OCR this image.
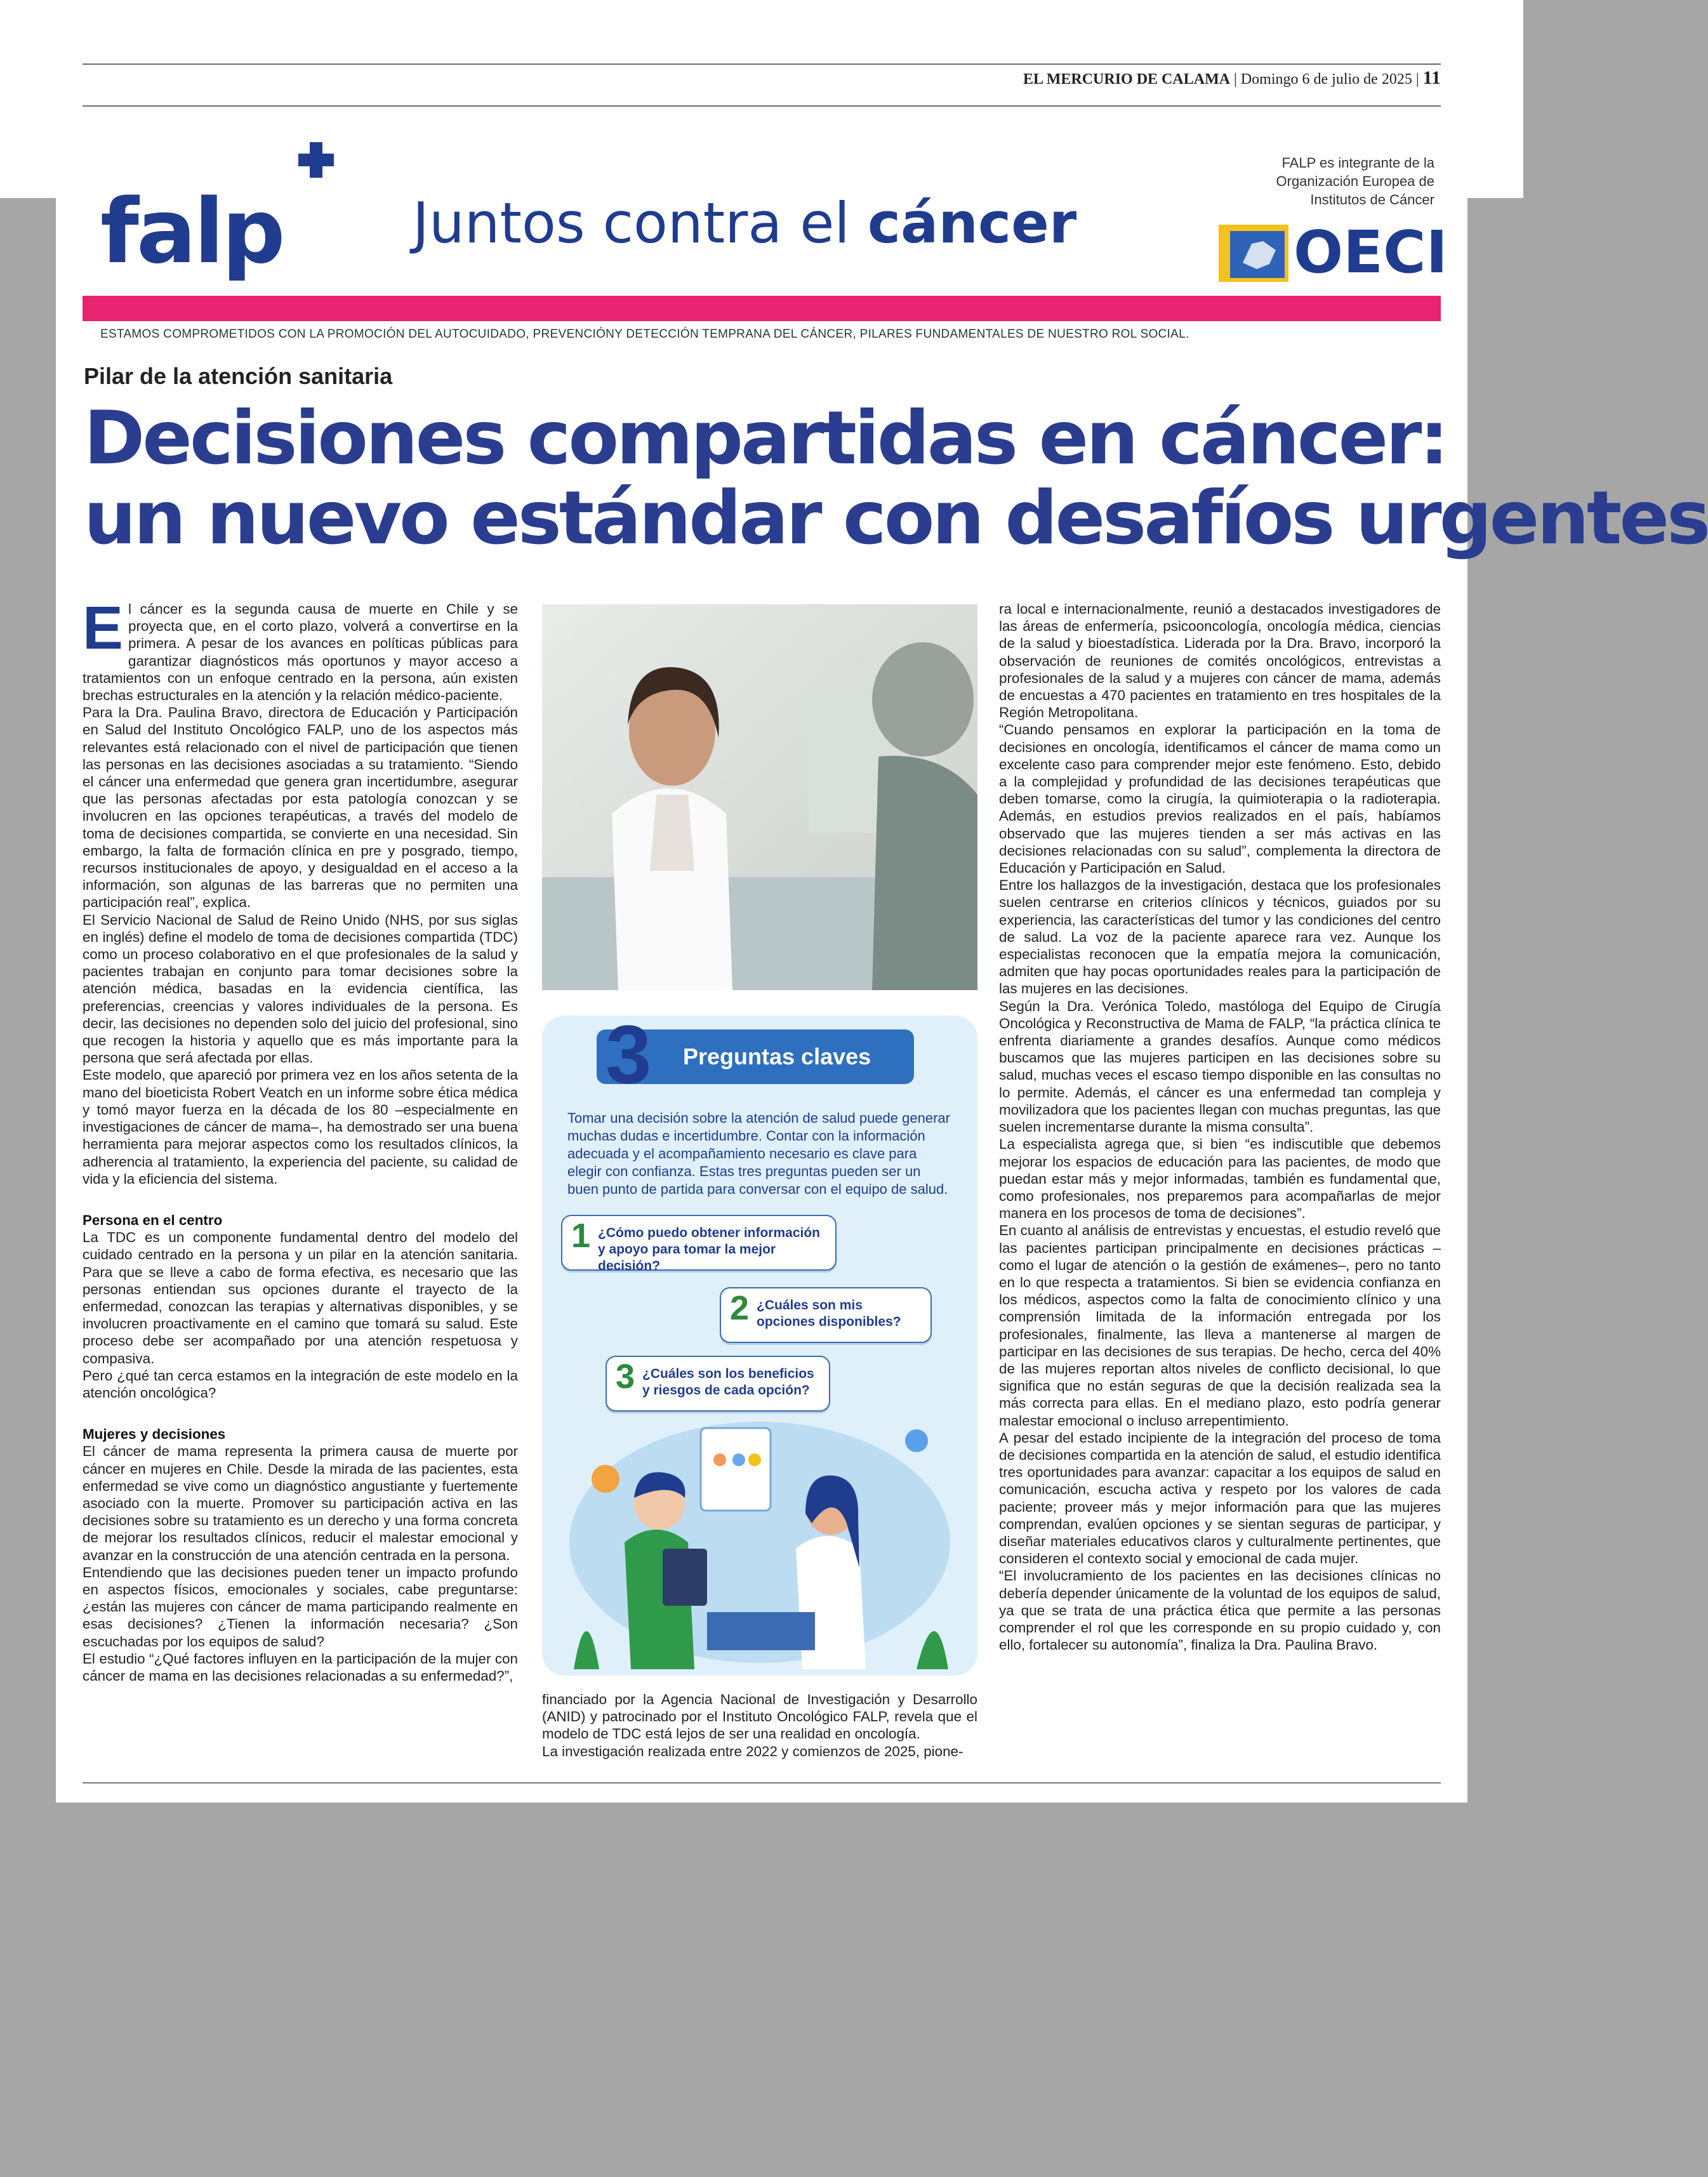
EL MERCURIO DE CALAMA | Domingo 6 de julio de 2025 | 11
falp Juntos contra el cáncer
FALP es integrante de la
Organización Europea de
Institutos de Cáncer
OECI
ESTAMOS COMPROMETIDOS CON LA PROMOCIÓN DEL AUTOCUIDADO, PREVENCIÓNY DETECCIÓN TEMPRANA DEL CÁNCER, PILARES FUNDAMENTALES DE NUESTRO ROL SOCIAL.
Pilar de la atención sanitaria
Decisiones compartidas en cáncer:
un nuevo estándar con desafíos urgentes

El cáncer es la segunda causa de muerte en Chile y se proyecta que, en el corto plazo, volverá a convertirse en la primera. A pesar de los avances en políticas públicas para garantizar diagnósticos más oportunos y mayor acceso a tratamientos con un enfoque centrado en la persona, aún existen brechas estructurales en la atención y la relación médico-paciente.

Para la Dra. Paulina Bravo, directora de Educación y Participación en Salud del Instituto Oncológico FALP, uno de los aspectos más relevantes está relacionado con el nivel de participación que tienen las personas en las decisiones asociadas a su tratamiento. “Siendo el cáncer una enfermedad que genera gran incertidumbre, asegurar que las personas afectadas por esta patología conozcan y se involucren en las opciones terapéuticas, a través del modelo de toma de decisiones compartida, se convierte en una necesidad. Sin embargo, la falta de formación clínica en pre y posgrado, tiempo, recursos institucionales de apoyo, y desigualdad en el acceso a la información, son algunas de las barreras que no permiten una participación real”, explica.

El Servicio Nacional de Salud de Reino Unido (NHS, por sus siglas en inglés) define el modelo de toma de decisiones compartida (TDC) como un proceso colaborativo en el que profesionales de la salud y pacientes trabajan en conjunto para tomar decisiones sobre la atención médica, basadas en la evidencia científica, las preferencias, creencias y valores individuales de la persona. Es decir, las decisiones no dependen solo del juicio del profesional, sino que recogen la historia y aquello que es más importante para la persona que será afectada por ellas.

Este modelo, que apareció por primera vez en los años setenta de la mano del bioeticista Robert Veatch en un informe sobre ética médica y tomó mayor fuerza en la década de los 80 –especialmente en investigaciones de cáncer de mama–, ha demostrado ser una buena herramienta para mejorar aspectos como los resultados clínicos, la adherencia al tratamiento, la experiencia del paciente, su calidad de vida y la eficiencia del sistema.

Persona en el centro

La TDC es un componente fundamental dentro del modelo del cuidado centrado en la persona y un pilar en la atención sanitaria. Para que se lleve a cabo de forma efectiva, es necesario que las personas entiendan sus opciones durante el trayecto de la enfermedad, conozcan las terapias y alternativas disponibles, y se involucren proactivamente en el camino que tomará su salud. Este proceso debe ser acompañado por una atención respetuosa y compasiva.

Pero ¿qué tan cerca estamos en la integración de este modelo en la atención oncológica?

Mujeres y decisiones

El cáncer de mama representa la primera causa de muerte por cáncer en mujeres en Chile. Desde la mirada de las pacientes, esta enfermedad se vive como un diagnóstico angustiante y fuertemente asociado con la muerte. Promover su participación activa en las decisiones sobre su tratamiento es un derecho y una forma concreta de mejorar los resultados clínicos, reducir el malestar emocional y avanzar en la construcción de una atención centrada en la persona.

Entendiendo que las decisiones pueden tener un impacto profundo en aspectos físicos, emocionales y sociales, cabe preguntarse: ¿están las mujeres con cáncer de mama participando realmente en esas decisiones? ¿Tienen la información necesaria? ¿Son escuchadas por los equipos de salud?

El estudio “¿Qué factores influyen en la participación de la mujer con cáncer de mama en las decisiones relacionadas a su enfermedad?”,

3 Preguntas claves
Tomar una decisión sobre la atención de salud puede generar muchas dudas e incertidumbre. Contar con la información adecuada y el acompañamiento necesario es clave para elegir con confianza. Estas tres preguntas pueden ser un buen punto de partida para conversar con el equipo de salud.
1 ¿Cómo puedo obtener información y apoyo para tomar la mejor decisión?
2 ¿Cuáles son mis opciones disponibles?
3 ¿Cuáles son los beneficios y riesgos de cada opción?

financiado por la Agencia Nacional de Investigación y Desarrollo (ANID) y patrocinado por el Instituto Oncológico FALP, revela que el modelo de TDC está lejos de ser una realidad en oncología.

La investigación realizada entre 2022 y comienzos de 2025, pione-

ra local e internacionalmente, reunió a destacados investigadores de las áreas de enfermería, psicooncología, oncología médica, ciencias de la salud y bioestadística. Liderada por la Dra. Bravo, incorporó la observación de reuniones de comités oncológicos, entrevistas a profesionales de la salud y a mujeres con cáncer de mama, además de encuestas a 470 pacientes en tratamiento en tres hospitales de la Región Metropolitana.

“Cuando pensamos en explorar la participación en la toma de decisiones en oncología, identificamos el cáncer de mama como un excelente caso para comprender mejor este fenómeno. Esto, debido a la complejidad y profundidad de las decisiones terapéuticas que deben tomarse, como la cirugía, la quimioterapia o la radioterapia. Además, en estudios previos realizados en el país, habíamos observado que las mujeres tienden a ser más activas en las decisiones relacionadas con su salud”, complementa la directora de Educación y Participación en Salud.

Entre los hallazgos de la investigación, destaca que los profesionales suelen centrarse en criterios clínicos y técnicos, guiados por su experiencia, las características del tumor y las condiciones del centro de salud. La voz de la paciente aparece rara vez. Aunque los especialistas reconocen que la empatía mejora la comunicación, admiten que hay pocas oportunidades reales para la participación de las mujeres en las decisiones.

Según la Dra. Verónica Toledo, mastóloga del Equipo de Cirugía Oncológica y Reconstructiva de Mama de FALP, “la práctica clínica te enfrenta diariamente a grandes desafíos. Aunque como médicos buscamos que las mujeres participen en las decisiones sobre su salud, muchas veces el escaso tiempo disponible en las consultas no lo permite. Además, el cáncer es una enfermedad tan compleja y movilizadora que los pacientes llegan con muchas preguntas, las que suelen incrementarse durante la misma consulta”.

La especialista agrega que, si bien “es indiscutible que debemos mejorar los espacios de educación para las pacientes, de modo que puedan estar más y mejor informadas, también es fundamental que, como profesionales, nos preparemos para acompañarlas de mejor manera en los procesos de toma de decisiones”.

En cuanto al análisis de entrevistas y encuestas, el estudio reveló que las pacientes participan principalmente en decisiones prácticas –como el lugar de atención o la gestión de exámenes–, pero no tanto en lo que respecta a tratamientos. Si bien se evidencia confianza en los médicos, aspectos como la falta de conocimiento clínico y una comprensión limitada de la información entregada por los profesionales, finalmente, las lleva a mantenerse al margen de participar en las decisiones de sus terapias. De hecho, cerca del 40% de las mujeres reportan altos niveles de conflicto decisional, lo que significa que no están seguras de que la decisión realizada sea la más correcta para ellas. En el mediano plazo, esto podría generar malestar emocional o incluso arrepentimiento.

A pesar del estado incipiente de la integración del proceso de toma de decisiones compartida en la atención de salud, el estudio identifica tres oportunidades para avanzar: capacitar a los equipos de salud en comunicación, escucha activa y respeto por los valores de cada paciente; proveer más y mejor información para que las mujeres comprendan, evalúen opciones y se sientan seguras de participar, y diseñar materiales educativos claros y culturalmente pertinentes, que consideren el contexto social y emocional de cada mujer.

“El involucramiento de los pacientes en las decisiones clínicas no debería depender únicamente de la voluntad de los equipos de salud, ya que se trata de una práctica ética que permite a las personas comprender el rol que les corresponde en su propio cuidado y, con ello, fortalecer su autonomía”, finaliza la Dra. Paulina Bravo.
